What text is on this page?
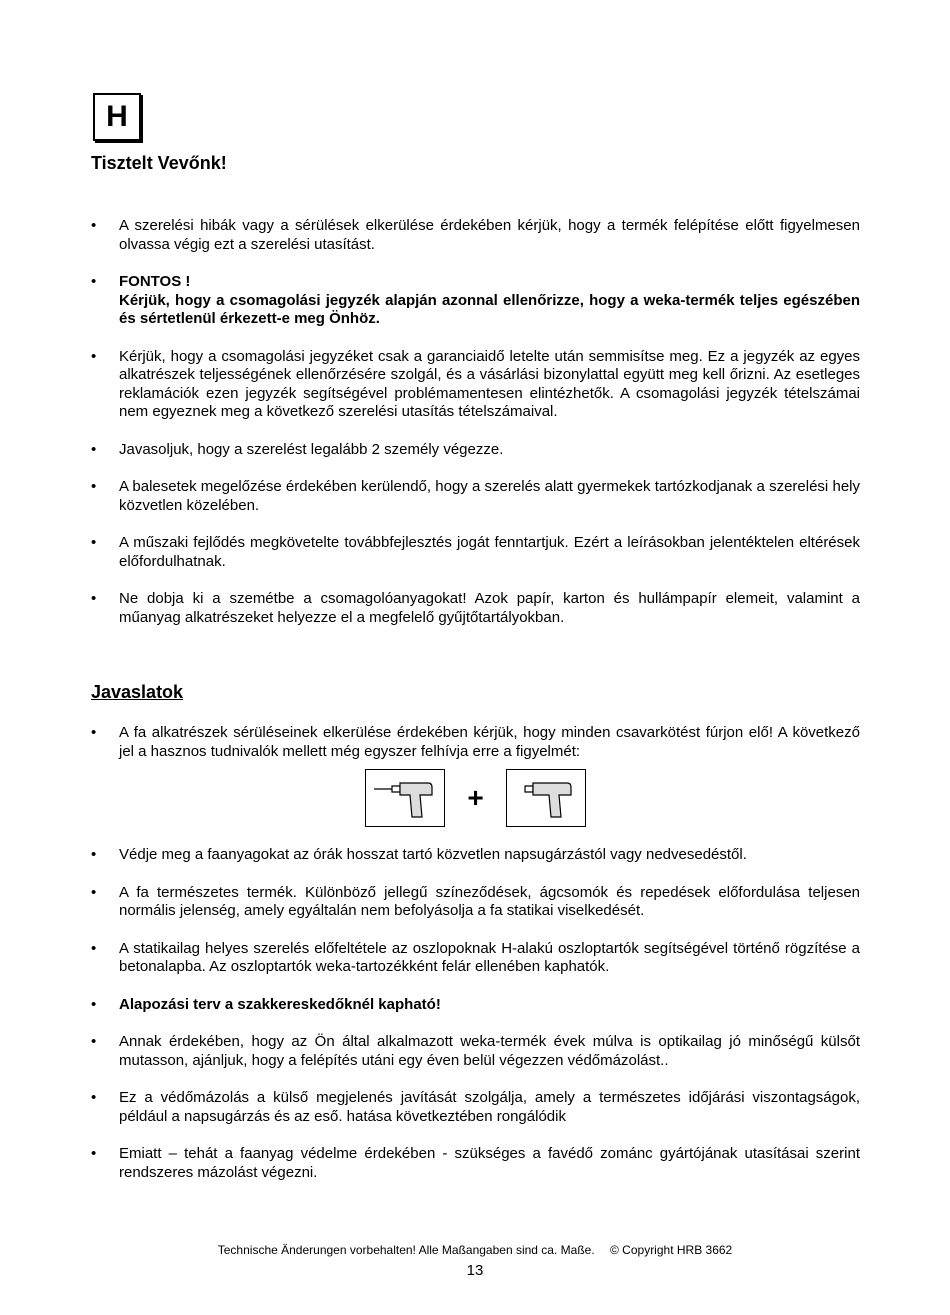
H
Tisztelt Vevőnk!
• A szerelési hibák vagy a sérülések elkerülése érdekében kérjük, hogy a termék felépítése előtt figyelmesen olvassa végig ezt a szerelési utasítást.
• FONTOS !
Kérjük, hogy a csomagolási jegyzék alapján azonnal ellenőrizze, hogy a weka-termék teljes egészében és sértetlenül érkezett-e meg Önhöz.
• Kérjük, hogy a csomagolási jegyzéket csak a garanciaidő letelte után semmisítse meg. Ez a jegyzék az egyes alkatrészek teljességének ellenőrzésére szolgál, és a vásárlási bizonylattal együtt meg kell őrizni. Az esetleges reklamációk ezen jegyzék segítségével problémamentesen elintézhetők. A csomagolási jegyzék tételszámai nem egyeznek meg a következő szerelési utasítás tételszámaival.
• Javasoljuk, hogy a szerelést legalább 2 személy végezze.
• A balesetek megelőzése érdekében kerülendő, hogy a szerelés alatt gyermekek tartózkodjanak a szerelési hely közvetlen közelében.
• A műszaki fejlődés megkövetelte továbbfejlesztés jogát fenntartjuk. Ezért a leírásokban jelentéktelen eltérések előfordulhatnak.
• Ne dobja ki a szemétbe a csomagolóanyagokat! Azok papír, karton és hullámpapír elemeit, valamint a műanyag alkatrészeket helyezze el a megfelelő gyűjtőtartályokban.
Javaslatok
• A fa alkatrészek sérüléseinek elkerülése érdekében kérjük, hogy minden csavarkötést fúrjon elő! A következő jel a hasznos tudnivalók mellett még egyszer felhívja erre a figyelmét:
+
• Védje meg a faanyagokat az órák hosszat tartó közvetlen napsugárzástól vagy nedvesedéstől.
• A fa természetes termék. Különböző jellegű színeződések, ágcsomók és repedések előfordulása teljesen normális jelenség, amely egyáltalán nem befolyásolja a fa statikai viselkedését.
• A statikailag helyes szerelés előfeltétele az oszlopoknak H-alakú oszloptartók segítségével történő rögzítése a betonalapba. Az oszloptartók weka-tartozékként felár ellenében kaphatók.
• Alapozási terv a szakkereskedőknél kapható!
• Annak érdekében, hogy az Ön által alkalmazott weka-termék évek múlva is optikailag jó minőségű külsőt mutasson, ajánljuk, hogy a felépítés utáni egy éven belül végezzen védőmázolást..
• Ez a védőmázolás a külső megjelenés javítását szolgálja, amely a természetes időjárási viszontagságok, például a napsugárzás és az eső. hatása következtében rongálódik
• Emiatt – tehát a faanyag védelme érdekében - szükséges a favédő zománc gyártójának utasításai szerint rendszeres mázolást végezni.
Technische Änderungen vorbehalten! Alle Maßangaben sind ca. Maße. © Copyright HRB 3662
13
